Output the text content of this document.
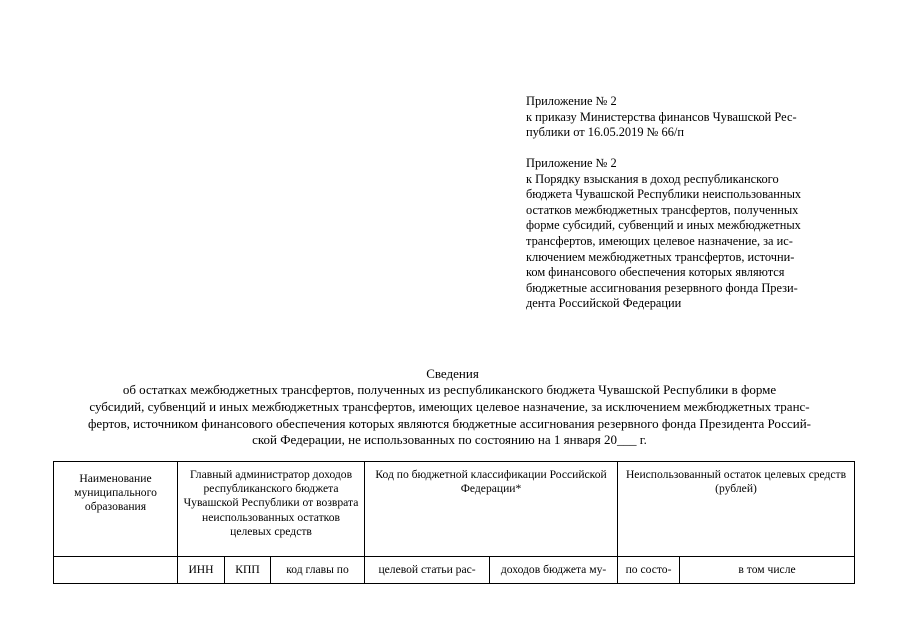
Приложение № 2

к приказу Министерства финансов Чувашской Рес-

публики от 16.05.2019 № 66/п

Приложение № 2

к Порядку взыскания в доход республиканского

бюджета Чувашской Республики неиспользованных

остатков межбюджетных трансфертов, полученных

форме субсидий, субвенций и иных межбюджетных

трансфертов, имеющих целевое назначение, за ис-

ключением межбюджетных трансфертов, источни-

ком финансового обеспечения которых являются

бюджетные ассигнования резервного фонда Прези-

дента Российской Федерации

Сведения
об остатках межбюджетных трансфертов, полученных из республиканского бюджета Чувашской Республики в форме
субсидий, субвенций и иных межбюджетных трансфертов, имеющих целевое назначение, за исключением межбюджетных транс-
фертов, источником финансового обеспечения которых являются бюджетные ассигнования резервного фонда Президента Россий-
ской Федерации, не использованных по состоянию на 1 января 20___ г.
Наименование муниципального образования	Главный администратор доходов республиканского бюджета Чувашской Республики от возврата неиспользованных остатков целевых средств			Код по бюджетной классификации Российской Федерации*		Неиспользованный остаток целевых средств (рублей)	
	ИНН	КПП	код главы по	целевой статьи рас-	доходов бюджета му-	по состо-	в том числе
